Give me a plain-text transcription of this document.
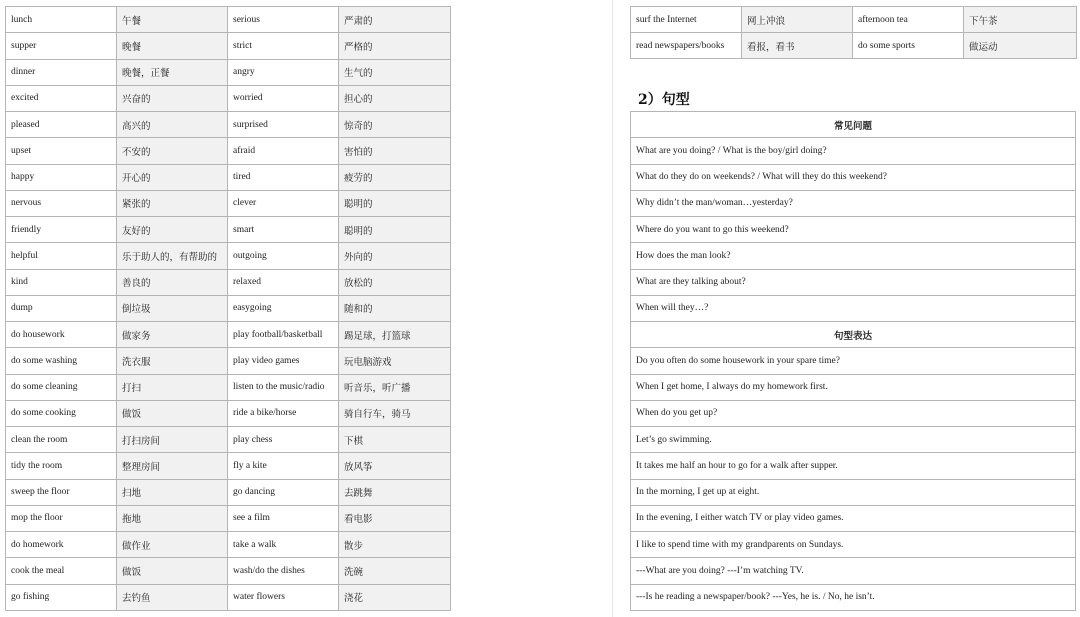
lunch	午餐	serious	严肃的
supper	晚餐	strict	严格的
dinner	晚餐，正餐	angry	生气的
excited	兴奋的	worried	担心的
pleased	高兴的	surprised	惊奇的
upset	不安的	afraid	害怕的
happy	开心的	tired	疲劳的
nervous	紧张的	clever	聪明的
friendly	友好的	smart	聪明的
helpful	乐于助人的，有帮助的	outgoing	外向的
kind	善良的	relaxed	放松的
dump	倒垃圾	easygoing	随和的
do housework	做家务	play football/basketball	踢足球，打篮球
do some washing	洗衣服	play video games	玩电脑游戏
do some cleaning	打扫	listen to the music/radio	听音乐，听广播
do some cooking	做饭	ride a bike/horse	骑自行车，骑马
clean the room	打扫房间	play chess	下棋
tidy the room	整理房间	fly a kite	放风筝
sweep the floor	扫地	go dancing	去跳舞
mop the floor	拖地	see a film	看电影
do homework	做作业	take a walk	散步
cook the meal	做饭	wash/do the dishes	洗碗
go fishing	去钓鱼	water flowers	浇花
surf the Internet	网上冲浪	afternoon tea	下午茶
read newspapers/books	看报，看书	do some sports	做运动
2）句型
常见问题
What are you doing? / What is the boy/girl doing?
What do they do on weekends? / What will they do this weekend?
Why didn’t the man/woman…yesterday?
Where do you want to go this weekend?
How does the man look?
What are they talking about?
When will they…?
句型表达
Do you often do some housework in your spare time?
When I get home, I always do my homework first.
When do you get up?
Let’s go swimming.
It takes me half an hour to go for a walk after supper.
In the morning, I get up at eight.
In the evening, I either watch TV or play video games.
I like to spend time with my grandparents on Sundays.
---What are you doing? ---I’m watching TV.
---Is he reading a newspaper/book? ---Yes, he is. / No, he isn’t.
